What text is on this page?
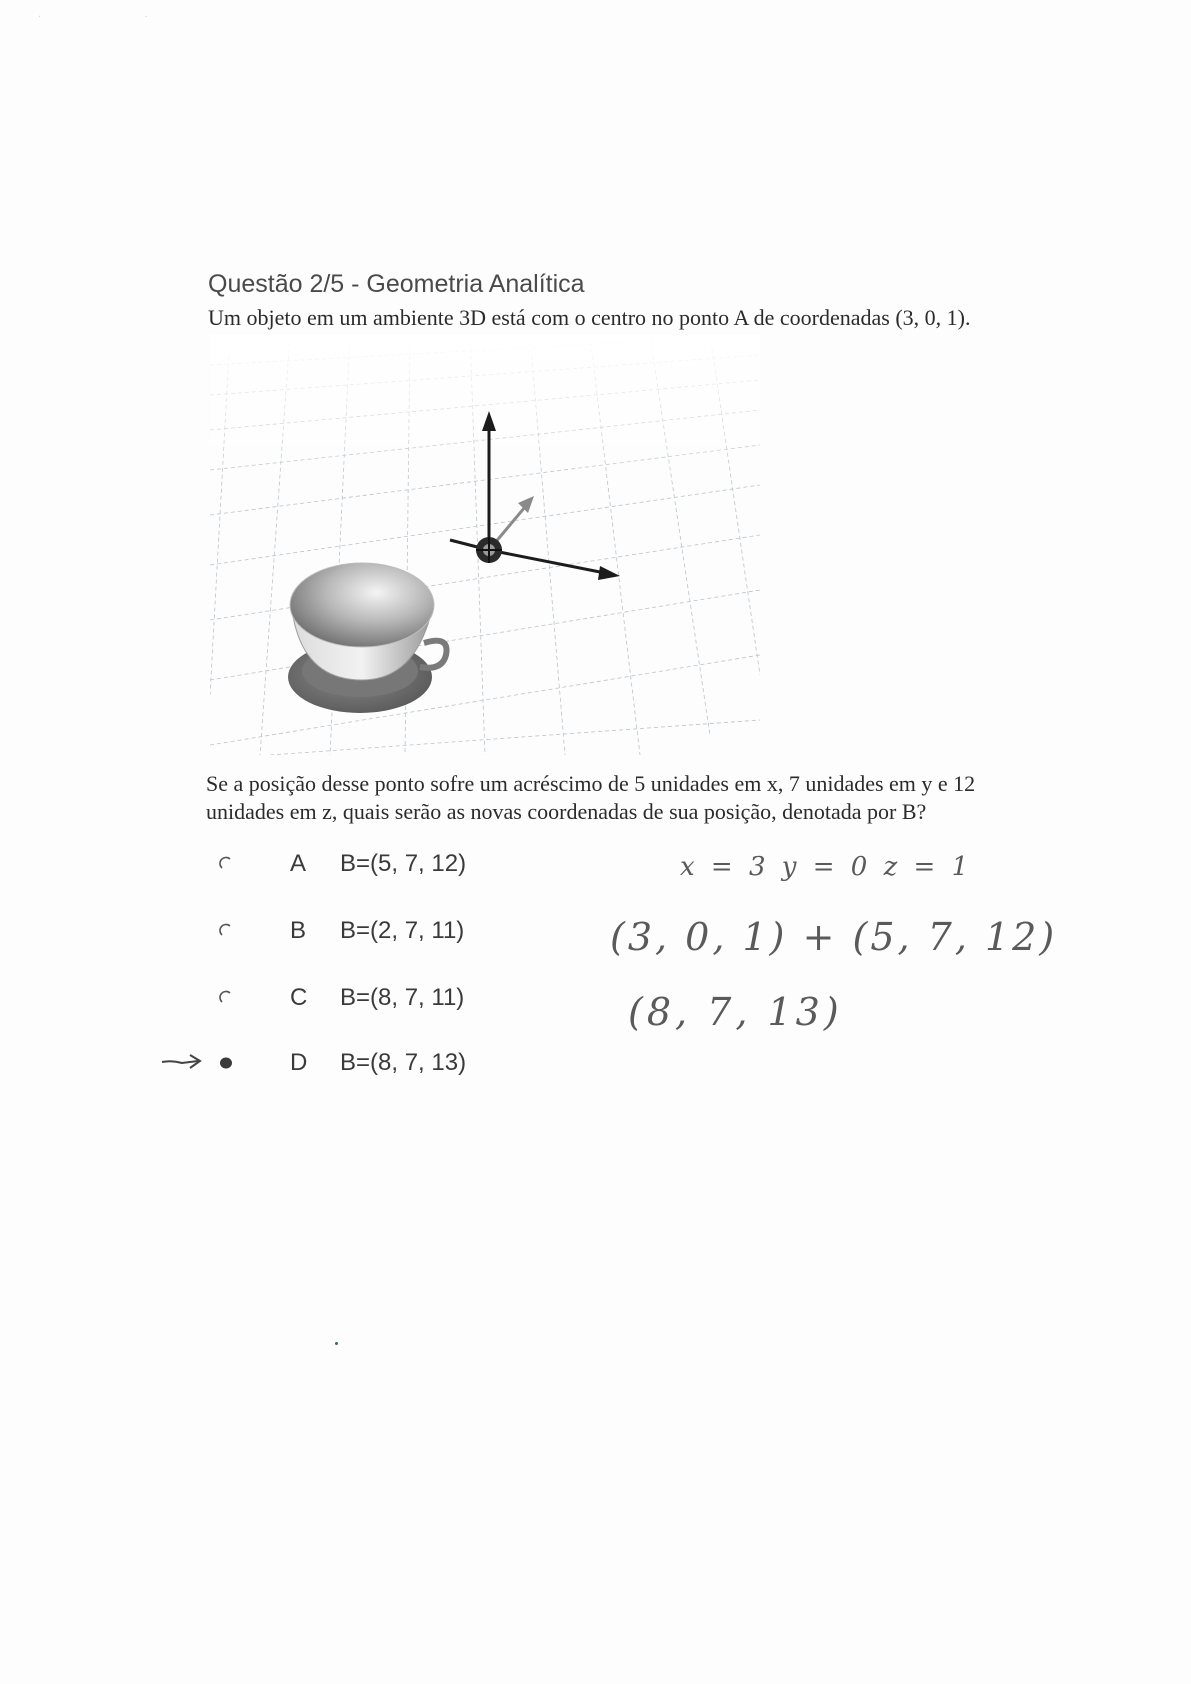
· ·
Questão 2/5 - Geometria Analítica
Um objeto em um ambiente 3D está com o centro no ponto A de coordenadas (3, 0, 1).
Se a posição desse ponto sofre um acréscimo de 5 unidades em x, 7 unidades em y e 12
unidades em z, quais serão as novas coordenadas de sua posição, denotada por B?
A B=(5, 7, 12)
B B=(2, 7, 11)
C B=(8, 7, 11)
D B=(8, 7, 13)
x = 3 y = 0 z = 1
(3, 0, 1) + (5, 7, 12)
(8, 7, 13)
